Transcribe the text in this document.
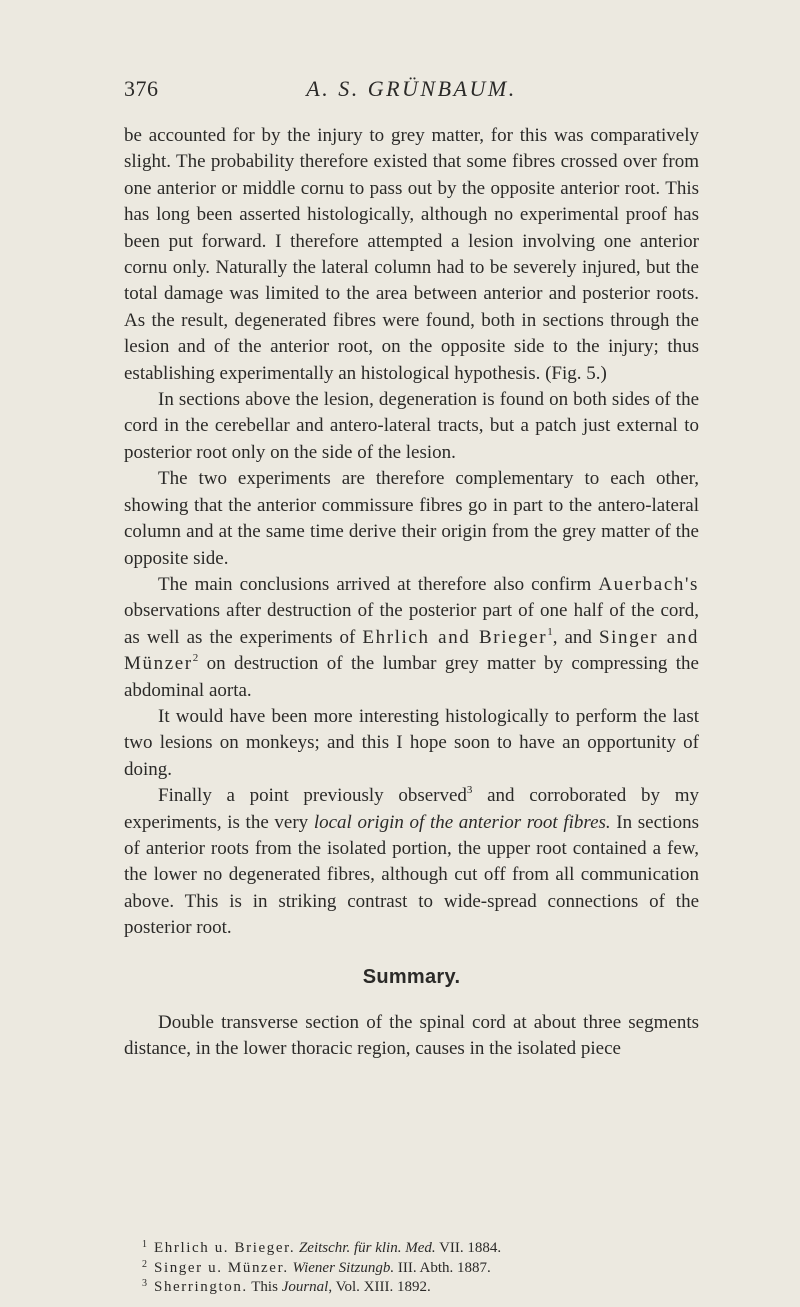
376	A. S. GRÜNBAUM.

be accounted for by the injury to grey matter, for this was comparatively slight. The probability therefore existed that some fibres crossed over from one anterior or middle cornu to pass out by the opposite anterior root. This has long been asserted histologically, although no experimental proof has been put forward. I therefore attempted a lesion involving one anterior cornu only. Naturally the lateral column had to be severely injured, but the total damage was limited to the area between anterior and posterior roots. As the result, degenerated fibres were found, both in sections through the lesion and of the anterior root, on the opposite side to the injury; thus establishing experimentally an histological hypothesis. (Fig. 5.)

In sections above the lesion, degeneration is found on both sides of the cord in the cerebellar and antero-lateral tracts, but a patch just external to posterior root only on the side of the lesion.

The two experiments are therefore complementary to each other, showing that the anterior commissure fibres go in part to the antero-lateral column and at the same time derive their origin from the grey matter of the opposite side.

The main conclusions arrived at therefore also confirm Auerbach's observations after destruction of the posterior part of one half of the cord, as well as the experiments of Ehrlich and Brieger$^1$, and Singer and Münzer$^2$ on destruction of the lumbar grey matter by compressing the abdominal aorta.

It would have been more interesting histologically to perform the last two lesions on monkeys; and this I hope soon to have an opportunity of doing.

Finally a point previously observed$^3$ and corroborated by my experiments, is the very local origin of the anterior root fibres. In sections of anterior roots from the isolated portion, the upper root contained a few, the lower no degenerated fibres, although cut off from all communication above. This is in striking contrast to wide-spread connections of the posterior root.

Summary.

Double transverse section of the spinal cord at about three segments distance, in the lower thoracic region, causes in the isolated piece

1 Ehrlich u. Brieger. Zeitschr. für klin. Med. VII. 1884.

2 Singer u. Münzer. Wiener Sitzungb. III. Abth. 1887.

3 Sherrington. This Journal, Vol. XIII. 1892.
